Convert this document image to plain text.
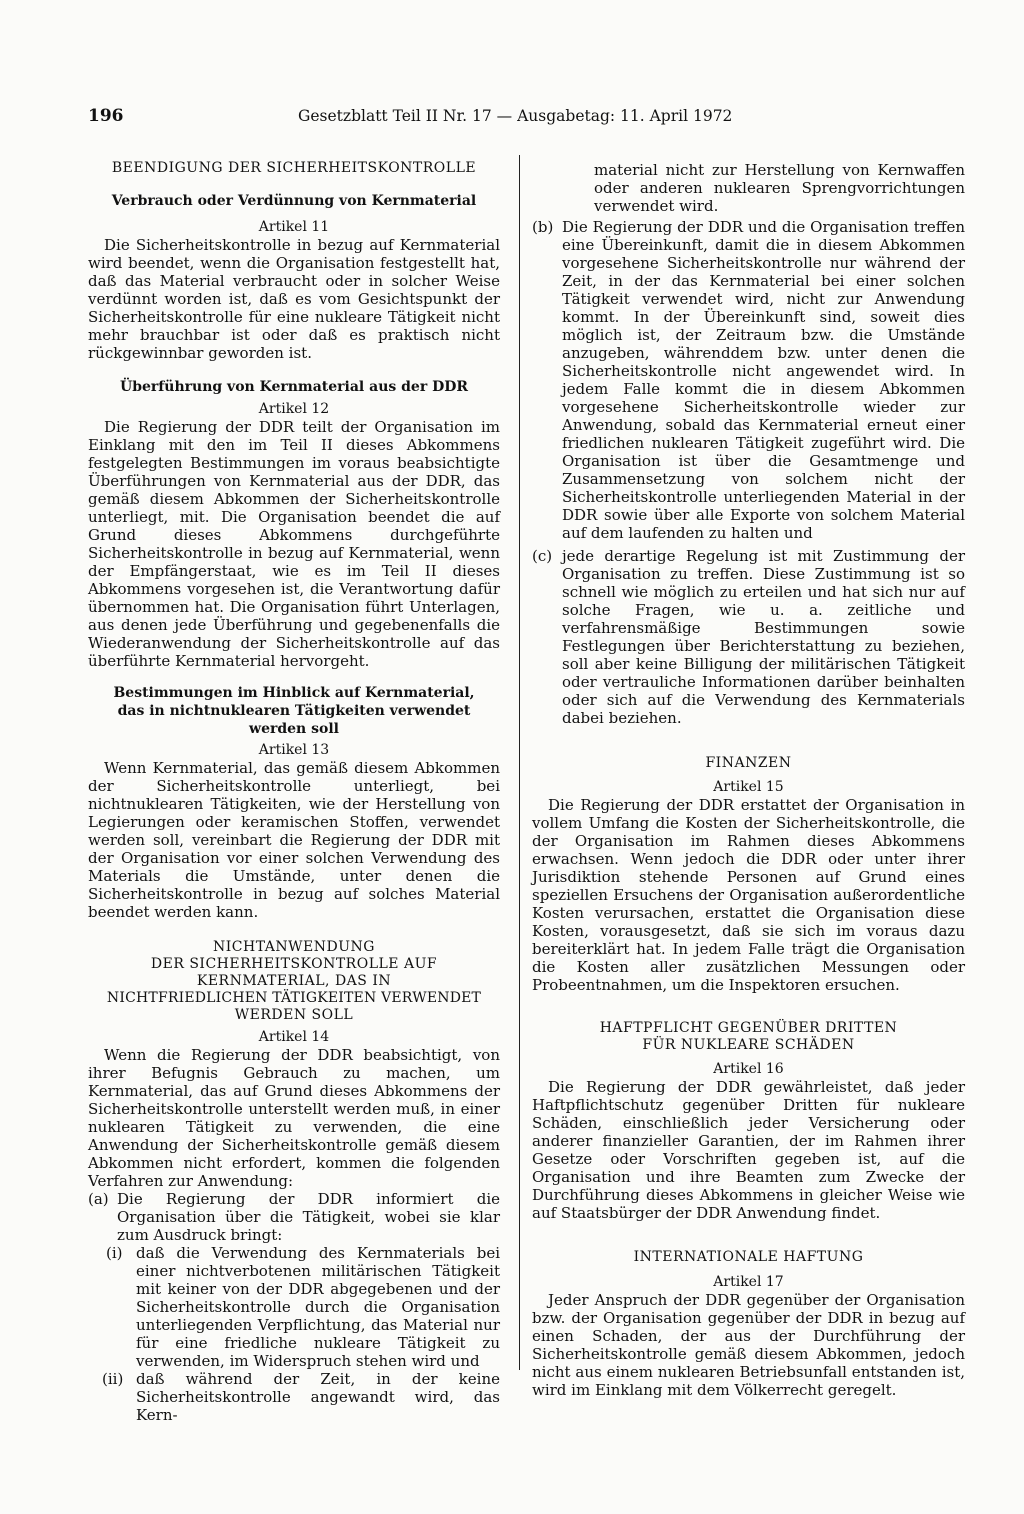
196	Gesetzblatt Teil II Nr. 17 — Ausgabetag: 11. April 1972
BEENDIGUNG DER SICHERHEITSKONTROLLE
Verbrauch oder Verdünnung von Kernmaterial
Artikel 11

Die Sicherheitskontrolle in bezug auf Kernmaterial wird beendet, wenn die Organisation festgestellt hat, daß das Material verbraucht oder in solcher Weise verdünnt worden ist, daß es vom Gesichtspunkt der Sicherheitskontrolle für eine nukleare Tätigkeit nicht mehr brauchbar ist oder daß es praktisch nicht rückgewinnbar geworden ist.

Überführung von Kernmaterial aus der DDR
Artikel 12

Die Regierung der DDR teilt der Organisation im Einklang mit den im Teil II dieses Abkommens festgelegten Bestimmungen im voraus beabsichtigte Überführungen von Kernmaterial aus der DDR, das gemäß diesem Abkommen der Sicherheitskontrolle unterliegt, mit. Die Organisation beendet die auf Grund dieses Abkommens durchgeführte Sicherheitskontrolle in bezug auf Kernmaterial, wenn der Empfängerstaat, wie es im Teil II dieses Abkommens vorgesehen ist, die Verantwortung dafür übernommen hat. Die Organisation führt Unterlagen, aus denen jede Überführung und gegebenenfalls die Wiederanwendung der Sicherheitskontrolle auf das überführte Kernmaterial hervorgeht.

Bestimmungen im Hinblick auf Kernmaterial,
das in nichtnuklearen Tätigkeiten verwendet
werden soll
Artikel 13

Wenn Kernmaterial, das gemäß diesem Abkommen der Sicherheitskontrolle unterliegt, bei nichtnuklearen Tätigkeiten, wie der Herstellung von Legierungen oder keramischen Stoffen, verwendet werden soll, vereinbart die Regierung der DDR mit der Organisation vor einer solchen Verwendung des Materials die Umstände, unter denen die Sicherheitskontrolle in bezug auf solches Material beendet werden kann.

NICHTANWENDUNG
DER SICHERHEITSKONTROLLE AUF
KERNMATERIAL, DAS IN
NICHTFRIEDLICHEN TÄTIGKEITEN VERWENDET
WERDEN SOLL
Artikel 14

Wenn die Regierung der DDR beabsichtigt, von ihrer Befugnis Gebrauch zu machen, um Kernmaterial, das auf Grund dieses Abkommens der Sicherheitskontrolle unterstellt werden muß, in einer nuklearen Tätigkeit zu verwenden, die eine Anwendung der Sicherheitskontrolle gemäß diesem Abkommen nicht erfordert, kommen die folgenden Verfahren zur Anwendung:

(a) Die Regierung der DDR informiert die Organisation über die Tätigkeit, wobei sie klar zum Ausdruck bringt:
(i) daß die Verwendung des Kernmaterials bei einer nichtverbotenen militärischen Tätigkeit mit keiner von der DDR abgegebenen und der Sicherheitskontrolle durch die Organisation unterliegenden Verpflichtung, das Material nur für eine friedliche nukleare Tätigkeit zu verwenden, im Widerspruch stehen wird und
(ii) daß während der Zeit, in der keine Sicherheitskontrolle angewandt wird, das Kern-

material nicht zur Herstellung von Kernwaffen oder anderen nuklearen Sprengvorrichtungen verwendet wird.

(b) Die Regierung der DDR und die Organisation treffen eine Übereinkunft, damit die in diesem Abkommen vorgesehene Sicherheitskontrolle nur während der Zeit, in der das Kernmaterial bei einer solchen Tätigkeit verwendet wird, nicht zur Anwendung kommt. In der Übereinkunft sind, soweit dies möglich ist, der Zeitraum bzw. die Umstände anzugeben, währenddem bzw. unter denen die Sicherheitskontrolle nicht angewendet wird. In jedem Falle kommt die in diesem Abkommen vorgesehene Sicherheitskontrolle wieder zur Anwendung, sobald das Kernmaterial erneut einer friedlichen nuklearen Tätigkeit zugeführt wird. Die Organisation ist über die Gesamtmenge und Zusammensetzung von solchem nicht der Sicherheitskontrolle unterliegenden Material in der DDR sowie über alle Exporte von solchem Material auf dem laufenden zu halten und
(c) jede derartige Regelung ist mit Zustimmung der Organisation zu treffen. Diese Zustimmung ist so schnell wie möglich zu erteilen und hat sich nur auf solche Fragen, wie u. a. zeitliche und verfahrensmäßige Bestimmungen sowie Festlegungen über Berichterstattung zu beziehen, soll aber keine Billigung der militärischen Tätigkeit oder vertrauliche Informationen darüber beinhalten oder sich auf die Verwendung des Kernmaterials dabei beziehen.
FINANZEN
Artikel 15

Die Regierung der DDR erstattet der Organisation in vollem Umfang die Kosten der Sicherheitskontrolle, die der Organisation im Rahmen dieses Abkommens erwachsen. Wenn jedoch die DDR oder unter ihrer Jurisdiktion stehende Personen auf Grund eines speziellen Ersuchens der Organisation außerordentliche Kosten verursachen, erstattet die Organisation diese Kosten, vorausgesetzt, daß sie sich im voraus dazu bereiterklärt hat. In jedem Falle trägt die Organisation die Kosten aller zusätzlichen Messungen oder Probeentnahmen, um die Inspektoren ersuchen.

HAFTPFLICHT GEGENÜBER DRITTEN
FÜR NUKLEARE SCHÄDEN
Artikel 16

Die Regierung der DDR gewährleistet, daß jeder Haftpflichtschutz gegenüber Dritten für nukleare Schäden, einschließlich jeder Versicherung oder anderer finanzieller Garantien, der im Rahmen ihrer Gesetze oder Vorschriften gegeben ist, auf die Organisation und ihre Beamten zum Zwecke der Durchführung dieses Abkommens in gleicher Weise wie auf Staatsbürger der DDR Anwendung findet.

INTERNATIONALE HAFTUNG
Artikel 17

Jeder Anspruch der DDR gegenüber der Organisation bzw. der Organisation gegenüber der DDR in bezug auf einen Schaden, der aus der Durchführung der Sicherheitskontrolle gemäß diesem Abkommen, jedoch nicht aus einem nuklearen Betriebsunfall entstanden ist, wird im Einklang mit dem Völkerrecht geregelt.
